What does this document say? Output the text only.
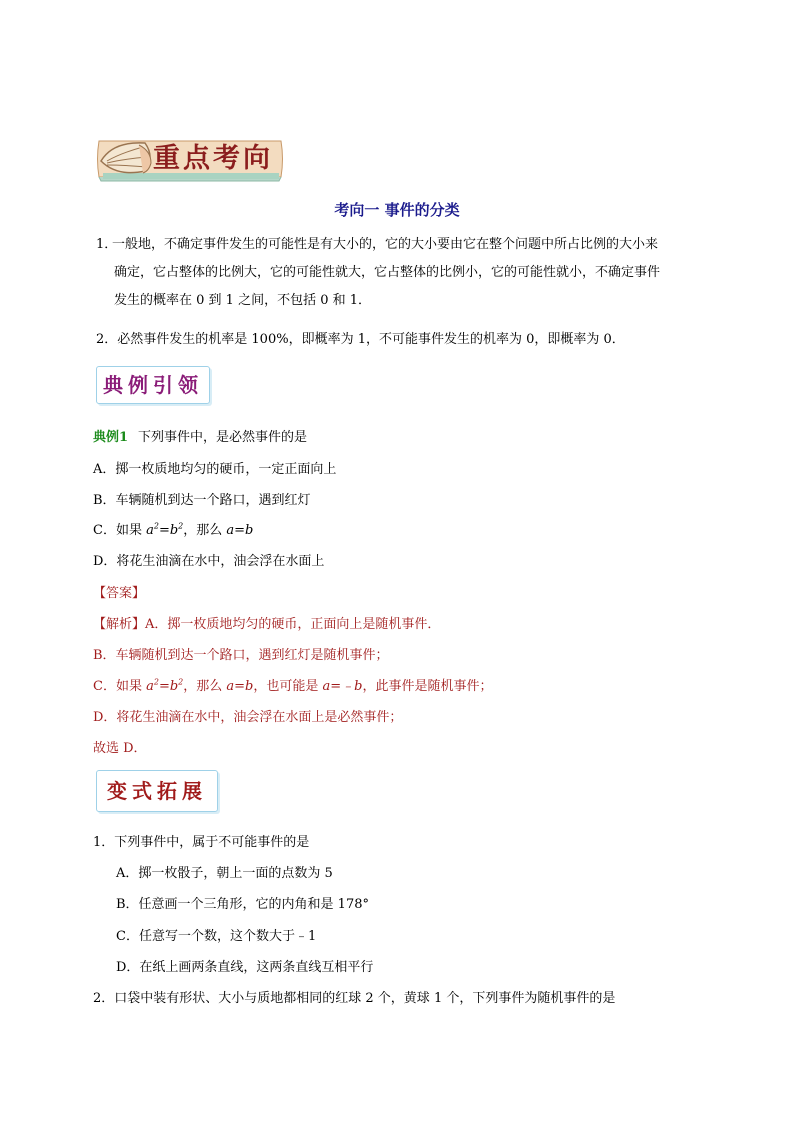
重点考向
考向一 事件的分类
1．一般地，不确定事件发生的可能性是有大小的，它的大小要由它在整个问题中所占比例的大小来
确定，它占整体的比例大，它的可能性就大，它占整体的比例小，它的可能性就小，不确定事件
发生的概率在 0 到 1 之间，不包括 0 和 1．
2．必然事件发生的机率是 100%，即概率为 1，不可能事件发生的机率为 0，即概率为 0．
典例引领
典例1 下列事件中，是必然事件的是
A．掷一枚质地均匀的硬币，一定正面向上
B．车辆随机到达一个路口，遇到红灯
C．如果 $a^2=b^2$，那么 a=b
D．将花生油滴在水中，油会浮在水面上
【答案】
【解析】A．掷一枚质地均匀的硬币，正面向上是随机事件．
B．车辆随机到达一个路口，遇到红灯是随机事件；
C．如果 $a^2=b^2$，那么 a=b，也可能是 a=﹣b，此事件是随机事件；
D．将花生油滴在水中，油会浮在水面上是必然事件；
故选 D．
变式拓展
1．下列事件中，属于不可能事件的是
A．掷一枚骰子，朝上一面的点数为 5
B．任意画一个三角形，它的内角和是 178°
C．任意写一个数，这个数大于﹣1
D．在纸上画两条直线，这两条直线互相平行
2．口袋中装有形状、大小与质地都相同的红球 2 个，黄球 1 个，下列事件为随机事件的是
